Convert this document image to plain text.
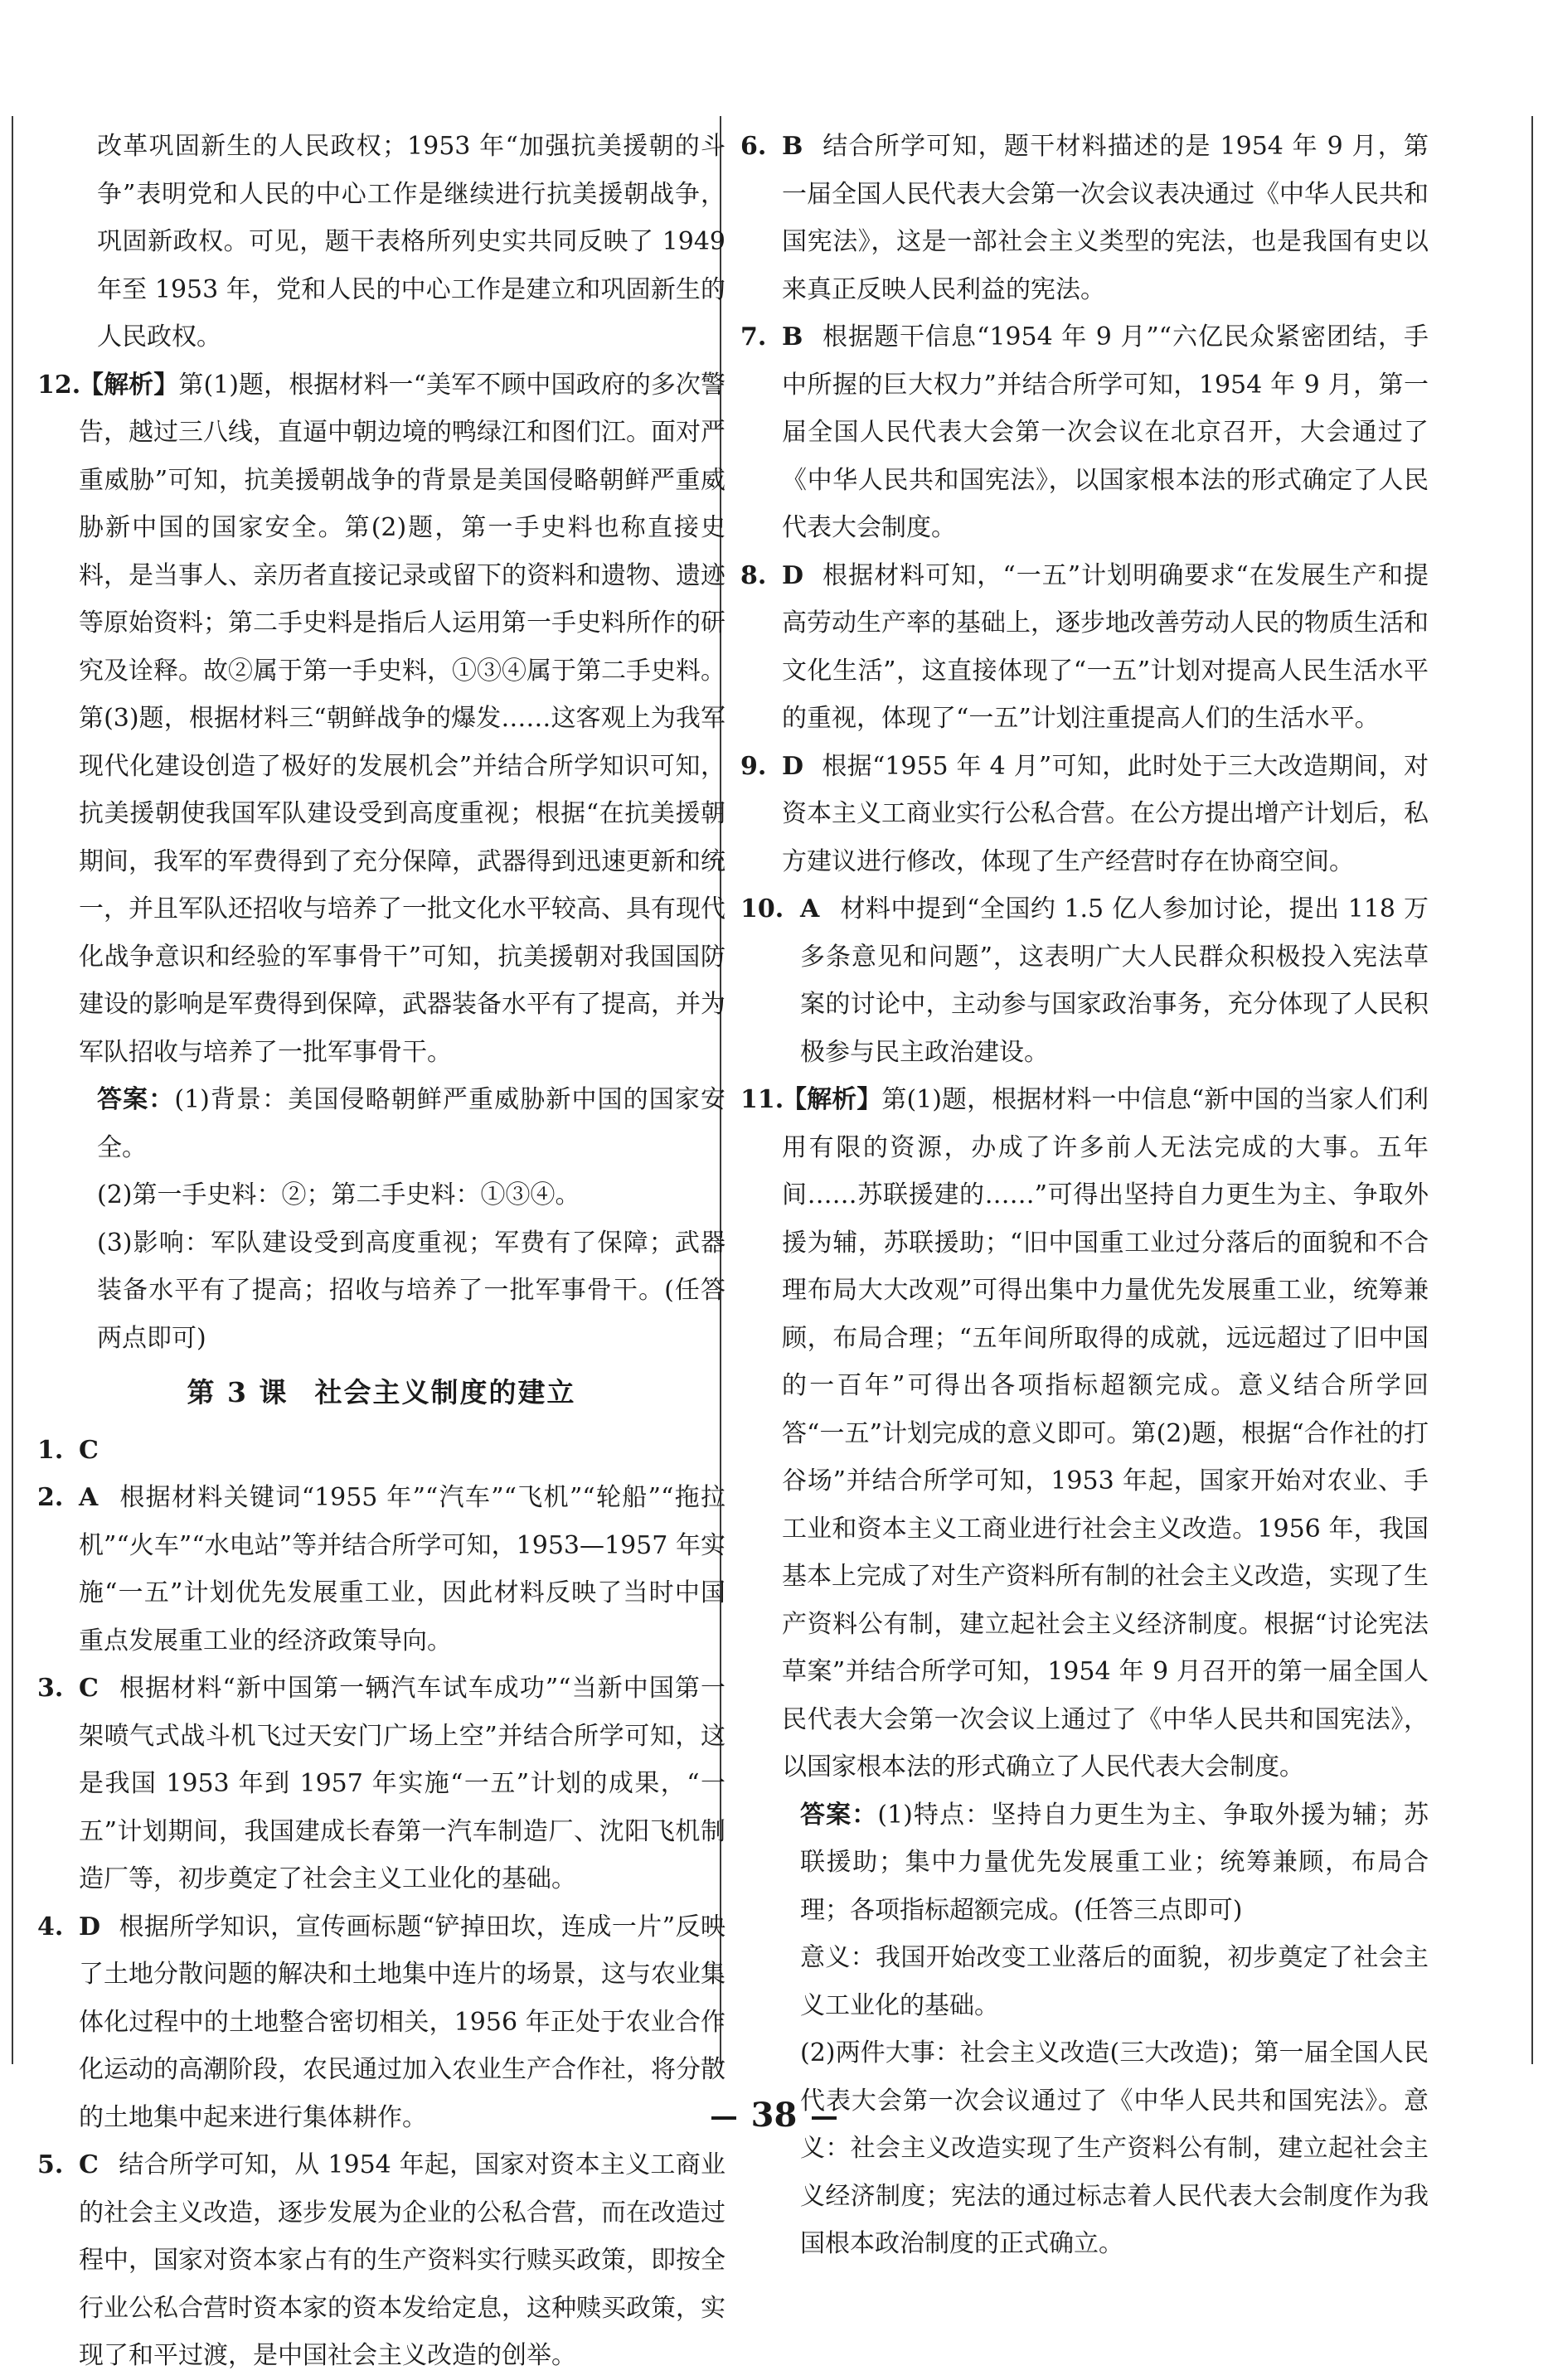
改革巩固新生的人民政权；1953 年“加强抗美援朝的斗争”表明党和人民的中心工作是继续进行抗美援朝战争，巩固新政权。可见，题干表格所列史实共同反映了 1949 年至 1953 年，党和人民的中心工作是建立和巩固新生的人民政权。
12.
【解析】第(1)题，根据材料一“美军不顾中国政府的多次警告，越过三八线，直逼中朝边境的鸭绿江和图们江。面对严重威胁”可知，抗美援朝战争的背景是美国侵略朝鲜严重威胁新中国的国家安全。第(2)题，第一手史料也称直接史料，是当事人、亲历者直接记录或留下的资料和遗物、遗迹等原始资料；第二手史料是指后人运用第一手史料所作的研究及诠释。故②属于第一手史料，①③④属于第二手史料。第(3)题，根据材料三“朝鲜战争的爆发……这客观上为我军现代化建设创造了极好的发展机会”并结合所学知识可知，抗美援朝使我国军队建设受到高度重视；根据“在抗美援朝期间，我军的军费得到了充分保障，武器得到迅速更新和统一，并且军队还招收与培养了一批文化水平较高、具有现代化战争意识和经验的军事骨干”可知，抗美援朝对我国国防建设的影响是军费得到保障，武器装备水平有了提高，并为军队招收与培养了一批军事骨干。
答案：(1)背景：美国侵略朝鲜严重威胁新中国的国家安全。
(2)第一手史料：②；第二手史料：①③④。
(3)影响：军队建设受到高度重视；军费有了保障；武器装备水平有了提高；招收与培养了一批军事骨干。(任答两点即可)
第 3 课 社会主义制度的建立
1. C
2. A 根据材料关键词“1955 年”“汽车”“飞机”“轮船”“拖拉机”“火车”“水电站”等并结合所学可知，1953—1957 年实施“一五”计划优先发展重工业，因此材料反映了当时中国重点发展重工业的经济政策导向。
3. C 根据材料“新中国第一辆汽车试车成功”“当新中国第一架喷气式战斗机飞过天安门广场上空”并结合所学可知，这是我国 1953 年到 1957 年实施“一五”计划的成果，“一五”计划期间，我国建成长春第一汽车制造厂、沈阳飞机制造厂等，初步奠定了社会主义工业化的基础。
4. D 根据所学知识，宣传画标题“铲掉田坎，连成一片”反映了土地分散问题的解决和土地集中连片的场景，这与农业集体化过程中的土地整合密切相关，1956 年正处于农业合作化运动的高潮阶段，农民通过加入农业生产合作社，将分散的土地集中起来进行集体耕作。
5. C 结合所学可知，从 1954 年起，国家对资本主义工商业的社会主义改造，逐步发展为企业的公私合营，而在改造过程中，国家对资本家占有的生产资料实行赎买政策，即按全行业公私合营时资本家的资本发给定息，这种赎买政策，实现了和平过渡，是中国社会主义改造的创举。
6. B 结合所学可知，题干材料描述的是 1954 年 9 月，第一届全国人民代表大会第一次会议表决通过《中华人民共和国宪法》，这是一部社会主义类型的宪法，也是我国有史以来真正反映人民利益的宪法。
7. B 根据题干信息“1954 年 9 月”“六亿民众紧密团结，手中所握的巨大权力”并结合所学可知，1954 年 9 月，第一届全国人民代表大会第一次会议在北京召开，大会通过了《中华人民共和国宪法》，以国家根本法的形式确定了人民代表大会制度。
8. D 根据材料可知，“一五”计划明确要求“在发展生产和提高劳动生产率的基础上，逐步地改善劳动人民的物质生活和文化生活”，这直接体现了“一五”计划对提高人民生活水平的重视，体现了“一五”计划注重提高人们的生活水平。
9. D 根据“1955 年 4 月”可知，此时处于三大改造期间，对资本主义工商业实行公私合营。在公方提出增产计划后，私方建议进行修改，体现了生产经营时存在协商空间。
10. A 材料中提到“全国约 1.5 亿人参加讨论，提出 118 万多条意见和问题”，这表明广大人民群众积极投入宪法草案的讨论中，主动参与国家政治事务，充分体现了人民积极参与民主政治建设。
11.
【解析】第(1)题，根据材料一中信息“新中国的当家人们利用有限的资源，办成了许多前人无法完成的大事。五年间……苏联援建的……”可得出坚持自力更生为主、争取外援为辅，苏联援助；“旧中国重工业过分落后的面貌和不合理布局大大改观”可得出集中力量优先发展重工业，统筹兼顾，布局合理；“五年间所取得的成就，远远超过了旧中国的一百年”可得出各项指标超额完成。意义结合所学回答“一五”计划完成的意义即可。第(2)题，根据“合作社的打谷场”并结合所学可知，1953 年起，国家开始对农业、手工业和资本主义工商业进行社会主义改造。1956 年，我国基本上完成了对生产资料所有制的社会主义改造，实现了生产资料公有制，建立起社会主义经济制度。根据“讨论宪法草案”并结合所学可知，1954 年 9 月召开的第一届全国人民代表大会第一次会议上通过了《中华人民共和国宪法》，以国家根本法的形式确立了人民代表大会制度。
答案：(1)特点：坚持自力更生为主、争取外援为辅；苏联援助；集中力量优先发展重工业；统筹兼顾，布局合理；各项指标超额完成。(任答三点即可)
意义：我国开始改变工业落后的面貌，初步奠定了社会主义工业化的基础。
(2)两件大事：社会主义改造(三大改造)；第一届全国人民代表大会第一次会议通过了《中华人民共和国宪法》。意义：社会主义改造实现了生产资料公有制，建立起社会主义经济制度；宪法的通过标志着人民代表大会制度作为我国根本政治制度的正式确立。
38
